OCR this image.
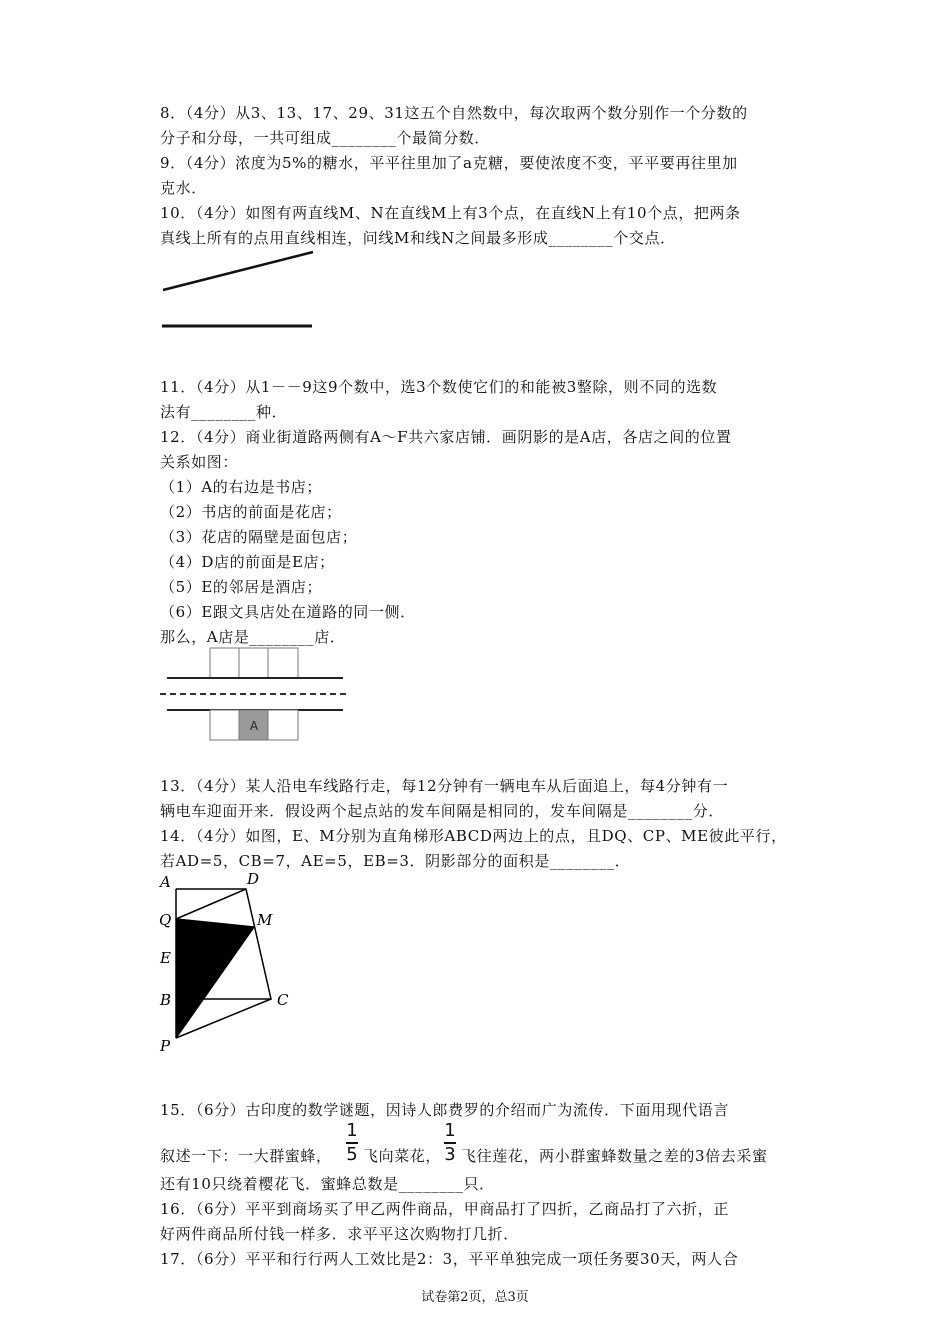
8．（4分）从3、13、17、29、31这五个自然数中，每次取两个数分别作一个分数的
分子和分母，一共可组成________个最简分数．
9．（4分）浓度为5%的糖水，平平往里加了a克糖，要使浓度不变，平平要再往里加
克水．
10．（4分）如图有两直线M、N在直线M上有3个点，在直线N上有10个点，把两条
真线上所有的点用直线相连，问线M和线N之间最多形成________个交点．
11．（4分）从1－－9这9个数中，选3个数使它们的和能被3整除，则不同的选数
法有________种．
12．（4分）商业街道路两侧有A～F共六家店铺．画阴影的是A店，各店之间的位置
关系如图：
（1）A的右边是书店；
（2）书店的前面是花店；
（3）花店的隔壁是面包店；
（4）D店的前面是E店；
（5）E的邻居是酒店；
（6）E跟文具店处在道路的同一侧．
那么，A店是________店．
A
13．（4分）某人沿电车线路行走，每12分钟有一辆电车从后面追上，每4分钟有一
辆电车迎面开来．假设两个起点站的发车间隔是相同的，发车间隔是________分．
14．（4分）如图，E、M分别为直角梯形ABCD两边上的点，且DQ、CP、ME彼此平行，
若AD=5，CB=7，AE=5，EB=3．阴影部分的面积是________．
A	D
Q	M
E
B	C
P
15．（6分）古印度的数学谜题，因诗人郎费罗的介绍而广为流传．下面用现代语言
叙述一下：一大群蜜蜂，
1
5 飞向菜花，
1
3 飞往莲花，两小群蜜蜂数量之差的3倍去采蜜
还有10只绕着樱花飞．蜜蜂总数是________只．
16．（6分）平平到商场买了甲乙两件商品，甲商品打了四折，乙商品打了六折，正
好两件商品所付钱一样多．求平平这次购物打几折．
17．（6分）平平和行行两人工效比是2：3，平平单独完成一项任务要30天，两人合
试卷第2页，总3页
